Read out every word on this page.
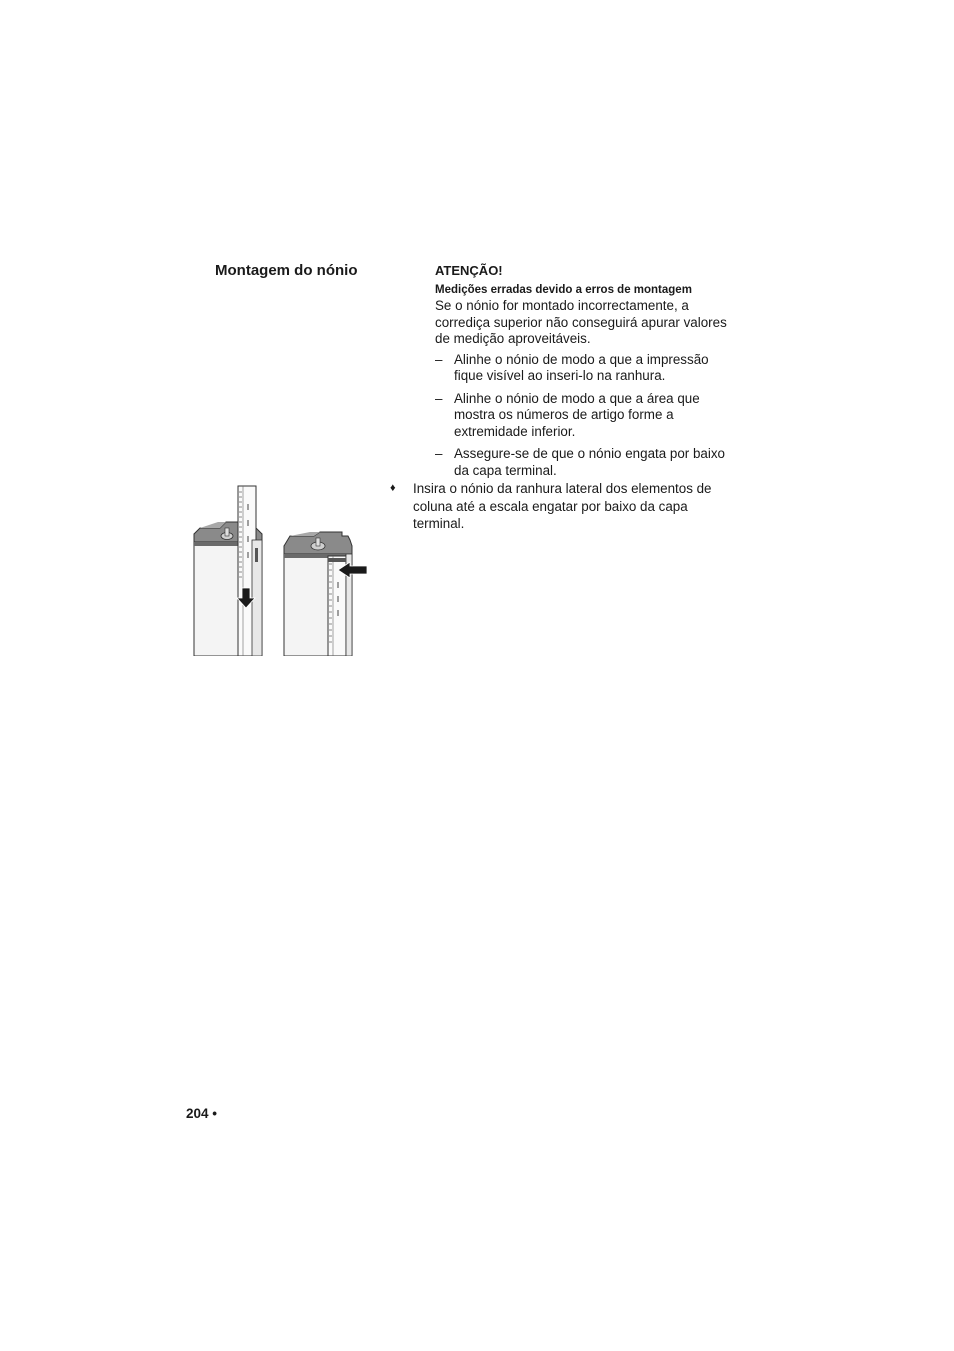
Montagem do nónio	ATENÇÃO!

Medições erradas devido a erros de montagem

Se o nónio for montado incorrectamente, a corrediça superior não conseguirá apurar valores de medição aproveitáveis.

– Alinhe o nónio de modo a que a impressão fique visível ao inseri-lo na ranhura.
– Alinhe o nónio de modo a que a área que mostra os números de artigo forme a extremidade inferior.
– Assegure-se de que o nónio engata por baixo da capa terminal.
♦ Insira o nónio da ranhura lateral dos elementos de coluna até a escala engatar por baixo da capa terminal.

204 •
